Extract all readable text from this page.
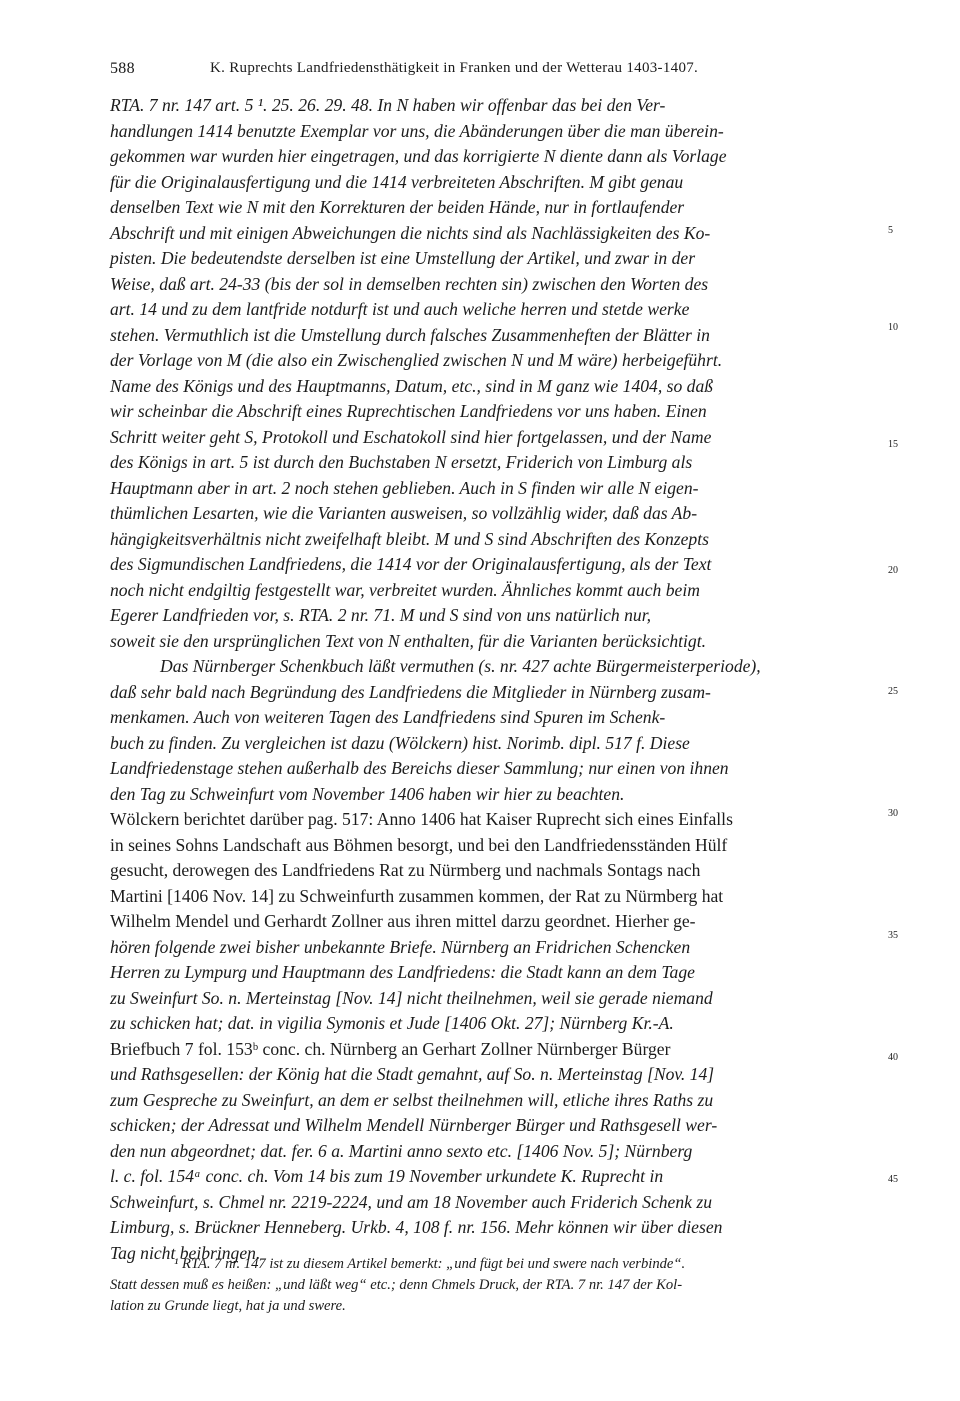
588	K. Ruprechts Landfriedensthätigkeit in Franken und der Wetterau 1403-1407.
RTA. 7 nr. 147 art. 5 ¹. 25. 26. 29. 48. In N haben wir offenbar das bei den Ver-
handlungen 1414 benutzte Exemplar vor uns, die Abänderungen über die man überein-
gekommen war wurden hier eingetragen, und das korrigierte N diente dann als Vorlage
für die Originalausfertigung und die 1414 verbreiteten Abschriften. M gibt genau
denselben Text wie N mit den Korrekturen der beiden Hände, nur in fortlaufender
Abschrift und mit einigen Abweichungen die nichts sind als Nachlässigkeiten des Ko-
pisten. Die bedeutendste derselben ist eine Umstellung der Artikel, und zwar in der
Weise, daß art. 24-33 (bis der sol in demselben rechten sin) zwischen den Worten des
art. 14 und zu dem lantfride notdurft ist und auch weliche herren und stetde werke
stehen. Vermuthlich ist die Umstellung durch falsches Zusammenheften der Blätter in
der Vorlage von M (die also ein Zwischenglied zwischen N und M wäre) herbeigeführt.
Name des Königs und des Hauptmanns, Datum, etc., sind in M ganz wie 1404, so daß
wir scheinbar die Abschrift eines Ruprechtischen Landfriedens vor uns haben. Einen
Schritt weiter geht S, Protokoll und Eschatokoll sind hier fortgelassen, und der Name
des Königs in art. 5 ist durch den Buchstaben N ersetzt, Friderich von Limburg als
Hauptmann aber in art. 2 noch stehen geblieben. Auch in S finden wir alle N eigen-
thümlichen Lesarten, wie die Varianten ausweisen, so vollzählig wider, daß das Ab-
hängigkeitsverhältnis nicht zweifelhaft bleibt. M und S sind Abschriften des Konzepts
des Sigmundischen Landfriedens, die 1414 vor der Originalausfertigung, als der Text
noch nicht endgiltig festgestellt war, verbreitet wurden. Ähnliches kommt auch beim
Egerer Landfrieden vor, s. RTA. 2 nr. 71. M und S sind von uns natürlich nur,
soweit sie den ursprünglichen Text von N enthalten, für die Varianten berücksichtigt.
Das Nürnberger Schenkbuch läßt vermuthen (s. nr. 427 achte Bürgermeisterperiode),
daß sehr bald nach Begründung des Landfriedens die Mitglieder in Nürnberg zusam-
menkamen. Auch von weiteren Tagen des Landfriedens sind Spuren im Schenk-
buch zu finden. Zu vergleichen ist dazu (Wölckern) hist. Norimb. dipl. 517 f. Diese
Landfriedenstage stehen außerhalb des Bereichs dieser Sammlung; nur einen von ihnen
den Tag zu Schweinfurt vom November 1406 haben wir hier zu beachten.
Wölckern berichtet darüber pag. 517: Anno 1406 hat Kaiser Ruprecht sich eines Einfalls
in seines Sohns Landschaft aus Böhmen besorgt, und bei den Landfriedensständen Hülf
gesucht, derowegen des Landfriedens Rat zu Nürmberg und nachmals Sontags nach
Martini [1406 Nov. 14] zu Schweinfurth zusammen kommen, der Rat zu Nürmberg hat
Wilhelm Mendel und Gerhardt Zollner aus ihren mittel darzu geordnet. Hierher ge-
hören folgende zwei bisher unbekannte Briefe. Nürnberg an Fridrichen Schencken
Herren zu Lympurg und Hauptmann des Landfriedens: die Stadt kann an dem Tage
zu Sweinfurt So. n. Merteinstag [Nov. 14] nicht theilnehmen, weil sie gerade niemand
zu schicken hat; dat. in vigilia Symonis et Jude [1406 Okt. 27]; Nürnberg Kr.-A.
Briefbuch 7 fol. 153ᵇ conc. ch. Nürnberg an Gerhart Zollner Nürnberger Bürger
und Rathsgesellen: der König hat die Stadt gemahnt, auf So. n. Merteinstag [Nov. 14]
zum Gespreche zu Sweinfurt, an dem er selbst theilnehmen will, etliche ihres Raths zu
schicken; der Adressat und Wilhelm Mendell Nürnberger Bürger und Rathsgesell wer-
den nun abgeordnet; dat. fer. 6 a. Martini anno sexto etc. [1406 Nov. 5]; Nürnberg
l. c. fol. 154ᵃ conc. ch. Vom 14 bis zum 19 November urkundete K. Ruprecht in
Schweinfurt, s. Chmel nr. 2219-2224, und am 18 November auch Friderich Schenk zu
Limburg, s. Brückner Henneberg. Urkb. 4, 108 f. nr. 156. Mehr können wir über diesen
Tag nicht beibringen.
5
10
15
20
25
30
35
40
45
¹ RTA. 7 nr. 147 ist zu diesem Artikel bemerkt: „und fügt bei und swere nach verbinde“.
Statt dessen muß es heißen: „und läßt weg“ etc.; denn Chmels Druck, der RTA. 7 nr. 147 der Kol-
lation zu Grunde liegt, hat ja und swere.
